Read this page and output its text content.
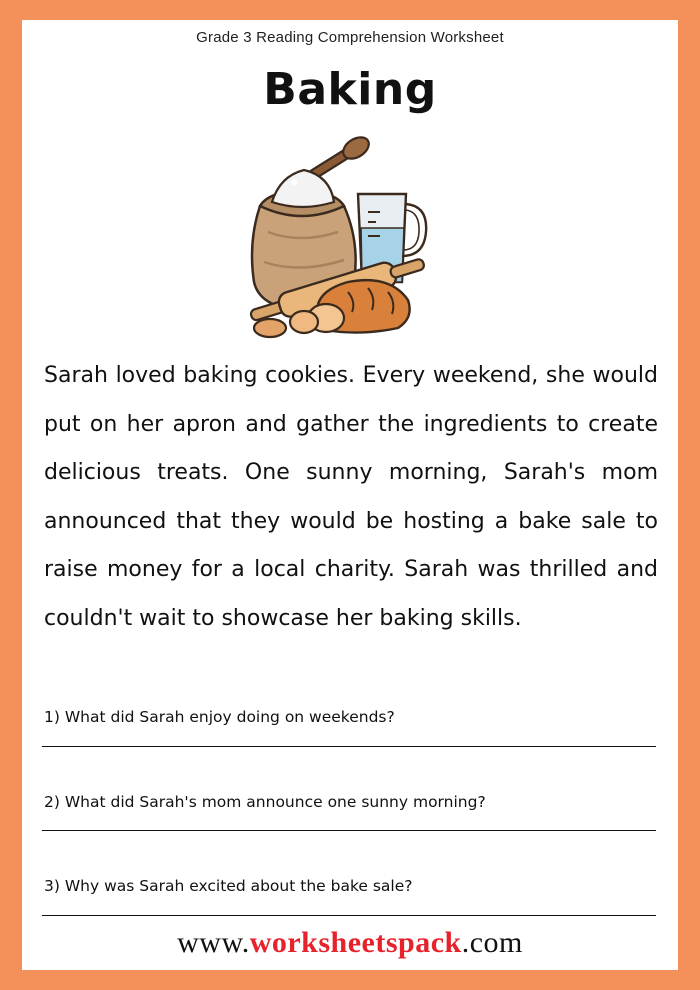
Grade 3 Reading Comprehension Worksheet
Baking

Sarah loved baking cookies. Every weekend, she would put on her apron and gather the ingredients to create delicious treats. One sunny morning, Sarah's mom announced that they would be hosting a bake sale to raise money for a local charity. Sarah was thrilled and couldn't wait to showcase her baking skills.

1) What did Sarah enjoy doing on weekends?
2) What did Sarah's mom announce one sunny morning?
3) Why was Sarah excited about the bake sale?
www.worksheetspack.com
